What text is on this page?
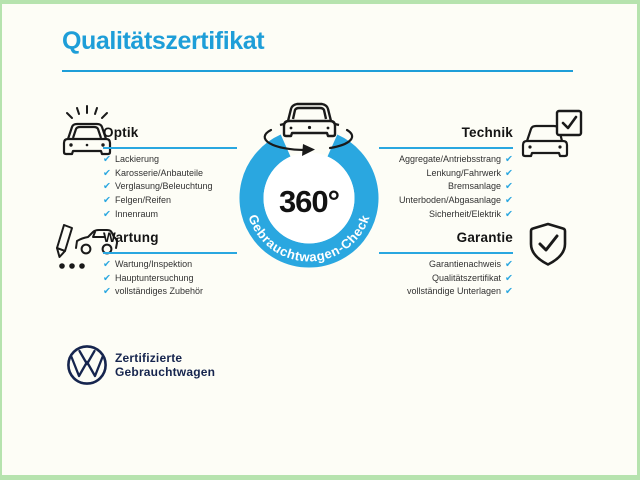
Qualitätszertifikat
Optik
✔ Lackierung
✔ Karosserie/Anbauteile
✔ Verglasung/Beleuchtung
✔ Felgen/Reifen
✔ Innenraum
Wartung
✔ Wartung/Inspektion
✔ Hauptuntersuchung
✔ vollständiges Zubehör
Technik
Aggregate/Antriebsstrang ✔
Lenkung/Fahrwerk ✔
Bremsanlage ✔
Unterboden/Abgasanlage ✔
Sicherheit/Elektrik ✔
Garantie
Garantienachweis ✔
Qualitätszertifikat ✔
vollständige Unterlagen ✔
Gebrauchtwagen-Check
360°
Zertifizierte
Gebrauchtwagen
